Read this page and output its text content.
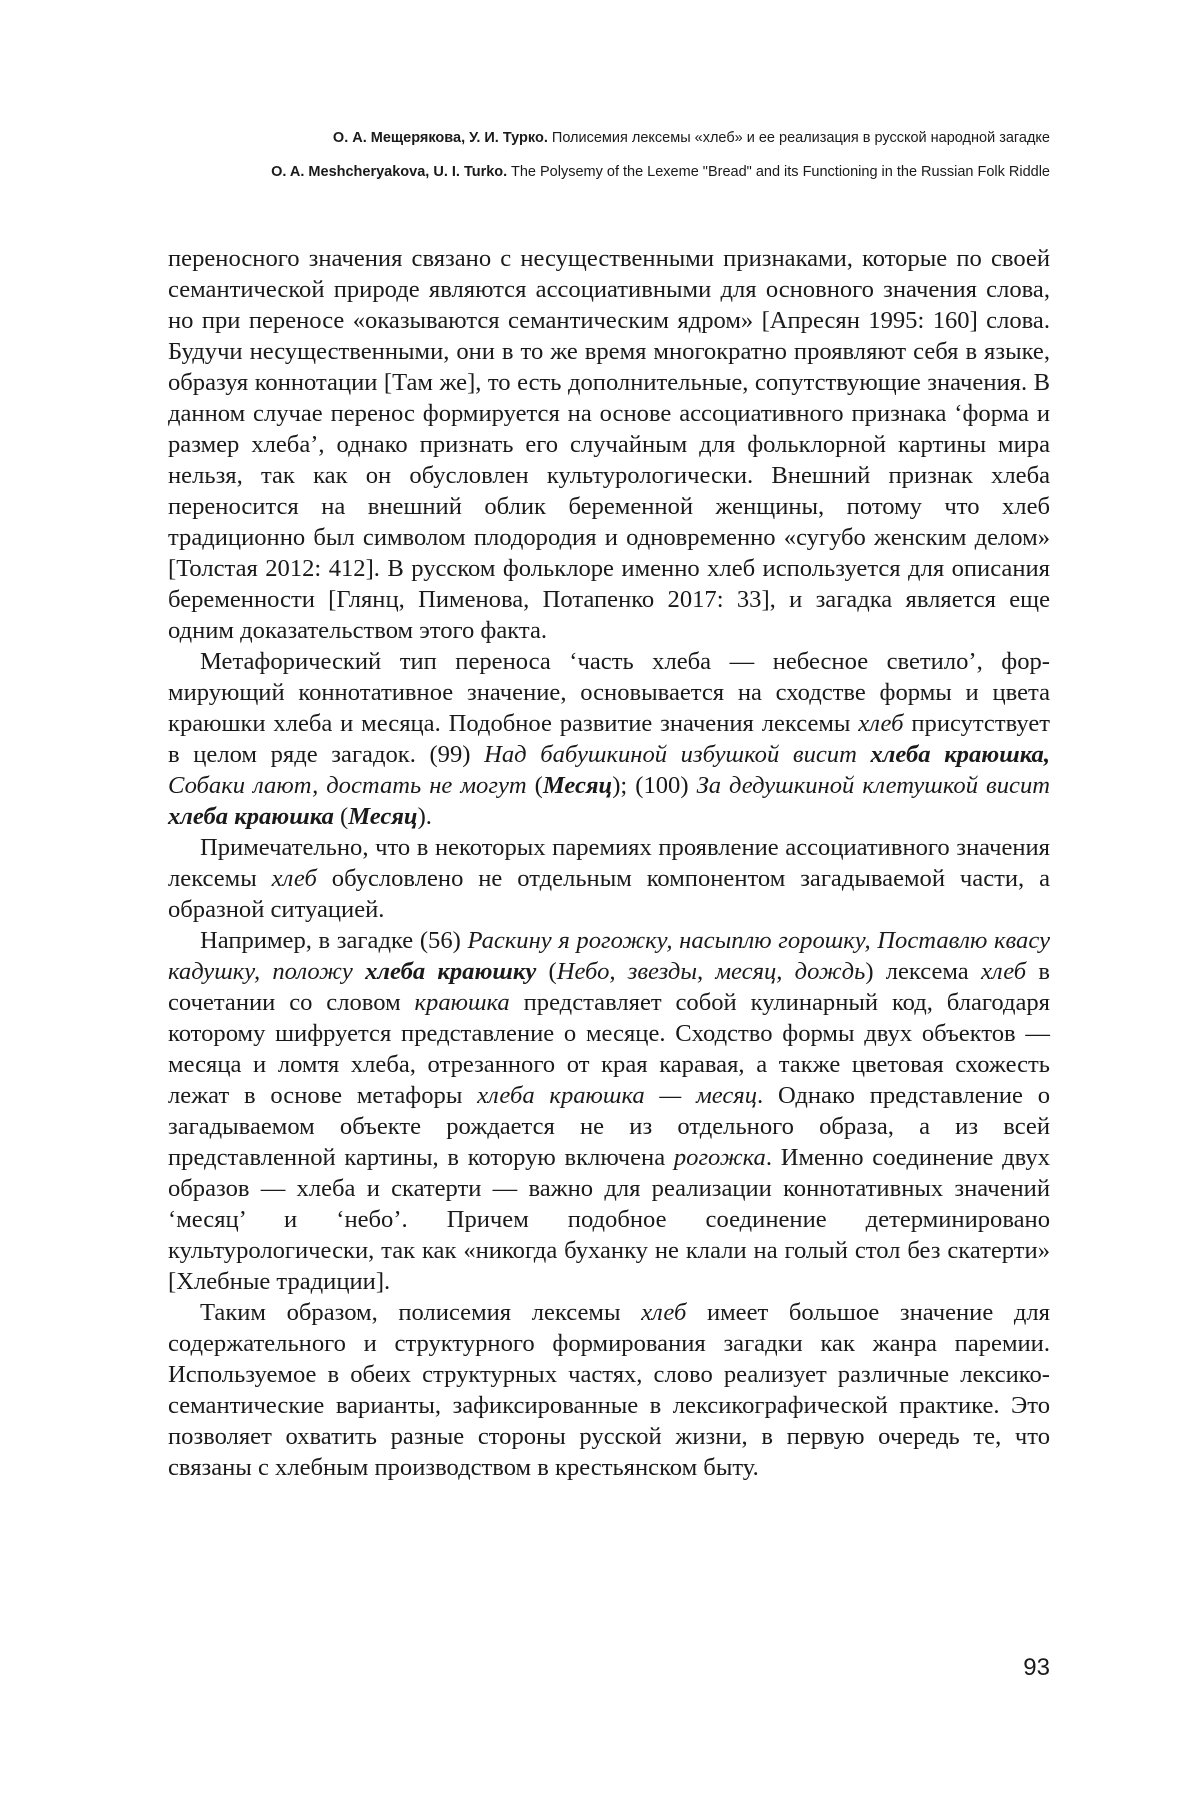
О. А. Мещерякова, У. И. Турко. Полисемия лексемы «хлеб» и ее реализация в русской народной загадке
O. A. Meshcheryakova, U. I. Turko. The Polysemy of the Lexeme "Bread" and its Functioning in the Russian Folk Riddle

переносного значения связано с несущественными признаками, которые по своей семантической природе являются ассоциативными для основного значения слова, но при переносе «оказываются семантическим ядром» [Апресян 1995: 160] слова. Будучи несущественными, они в то же время многократно проявляют себя в языке, образуя коннотации [Там же], то есть дополнительные, сопутствующие значения. В данном случае перенос формируется на основе ассоциативного признака ‘форма и размер хлеба’, однако признать его случайным для фольклорной картины мира нельзя, так как он обусловлен культурологически. Внешний признак хлеба переносится на внешний облик беременной женщины, потому что хлеб традиционно был символом плодородия и одновременно «сугубо женским делом» [Толстая 2012: 412]. В русском фольклоре именно хлеб используется для описания беременности [Глянц, Пименова, Потапенко 2017: 33], и загадка является еще одним доказательством этого факта.

Метафорический тип переноса ‘часть хлеба — небесное светило’, формирующий коннотативное значение, основывается на сходстве формы и цвета краюшки хлеба и месяца. Подобное развитие значения лексемы хлеб присутствует в целом ряде загадок. (99) Над бабушкиной избушкой висит хлеба краюшка, Собаки лают, достать не могут (Месяц); (100) За дедушкиной клетушкой висит хлеба краюшка (Месяц).

Примечательно, что в некоторых паремиях проявление ассоциативного значения лексемы хлеб обусловлено не отдельным компонентом загадываемой части, а образной ситуацией.

Например, в загадке (56) Раскину я рогожку, насыплю горошку, Поставлю квасу кадушку, положу хлеба краюшку (Небо, звезды, месяц, дождь) лексема хлеб в сочетании со словом краюшка представляет собой кулинарный код, благодаря которому шифруется представление о месяце. Сходство формы двух объектов — месяца и ломтя хлеба, отрезанного от края каравая, а также цветовая схожесть лежат в основе метафоры хлеба краюшка — месяц. Однако представление о загадываемом объекте рождается не из отдельного образа, а из всей представленной картины, в которую включена рогожка. Именно соединение двух образов — хлеба и скатерти — важно для реализации коннотативных значений ‘месяц’ и ‘небо’. Причем подобное соединение детерминировано культурологически, так как «никогда буханку не клали на голый стол без скатерти» [Хлебные традиции].

Таким образом, полисемия лексемы хлеб имеет большое значение для содержательного и структурного формирования загадки как жанра паремии. Используемое в обеих структурных частях, слово реализует различные лексико-семантические варианты, зафиксированные в лексикографической практике. Это позволяет охватить разные стороны русской жизни, в первую очередь те, что связаны с хлебным производством в крестьянском быту.

93
